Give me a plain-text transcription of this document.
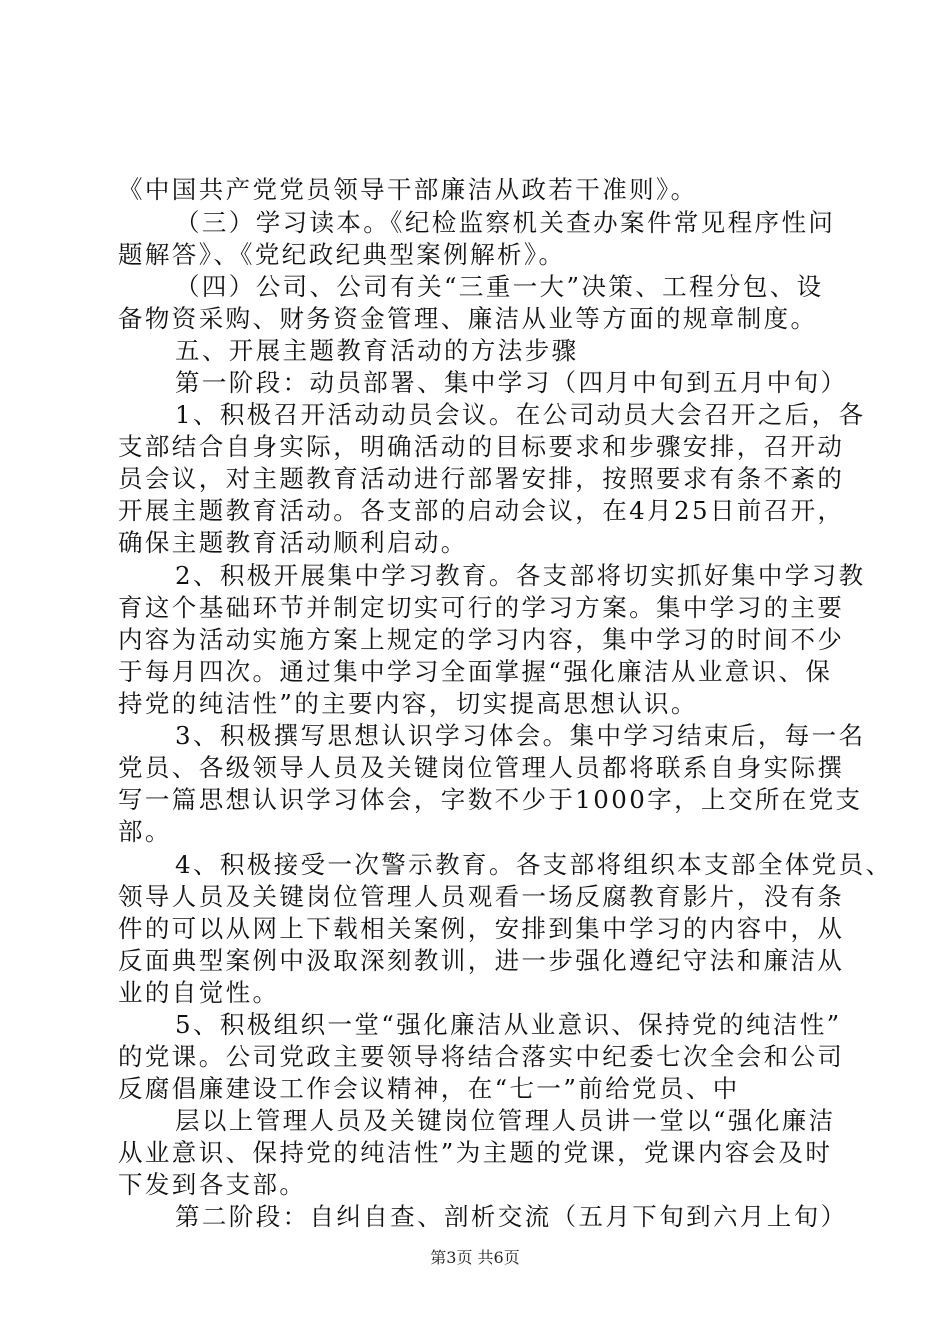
《中国共产党党员领导干部廉洁从政若干准则》。
（三）学习读本。《纪检监察机关查办案件常见程序性问
题解答》、《党纪政纪典型案例解析》。
（四）公司、公司有关“三重一大”决策、工程分包、设
备物资采购、财务资金管理、廉洁从业等方面的规章制度。
五、开展主题教育活动的方法步骤
第一阶段：动员部署、集中学习（四月中旬到五月中旬）
1、积极召开活动动员会议。在公司动员大会召开之后，各
支部结合自身实际，明确活动的目标要求和步骤安排，召开动
员会议，对主题教育活动进行部署安排，按照要求有条不紊的
开展主题教育活动。各支部的启动会议，在4月25日前召开，
确保主题教育活动顺利启动。
2、积极开展集中学习教育。各支部将切实抓好集中学习教
育这个基础环节并制定切实可行的学习方案。集中学习的主要
内容为活动实施方案上规定的学习内容，集中学习的时间不少
于每月四次。通过集中学习全面掌握“强化廉洁从业意识、保
持党的纯洁性”的主要内容，切实提高思想认识。
3、积极撰写思想认识学习体会。集中学习结束后，每一名
党员、各级领导人员及关键岗位管理人员都将联系自身实际撰
写一篇思想认识学习体会，字数不少于1000字，上交所在党支
部。
4、积极接受一次警示教育。各支部将组织本支部全体党员、
领导人员及关键岗位管理人员观看一场反腐教育影片，没有条
件的可以从网上下载相关案例，安排到集中学习的内容中，从
反面典型案例中汲取深刻教训，进一步强化遵纪守法和廉洁从
业的自觉性。
5、积极组织一堂“强化廉洁从业意识、保持党的纯洁性”
的党课。公司党政主要领导将结合落实中纪委七次全会和公司
反腐倡廉建设工作会议精神，在“七一”前给党员、中
层以上管理人员及关键岗位管理人员讲一堂以“强化廉洁
从业意识、保持党的纯洁性”为主题的党课，党课内容会及时
下发到各支部。
第二阶段：自纠自查、剖析交流（五月下旬到六月上旬）
第3页 共6页
